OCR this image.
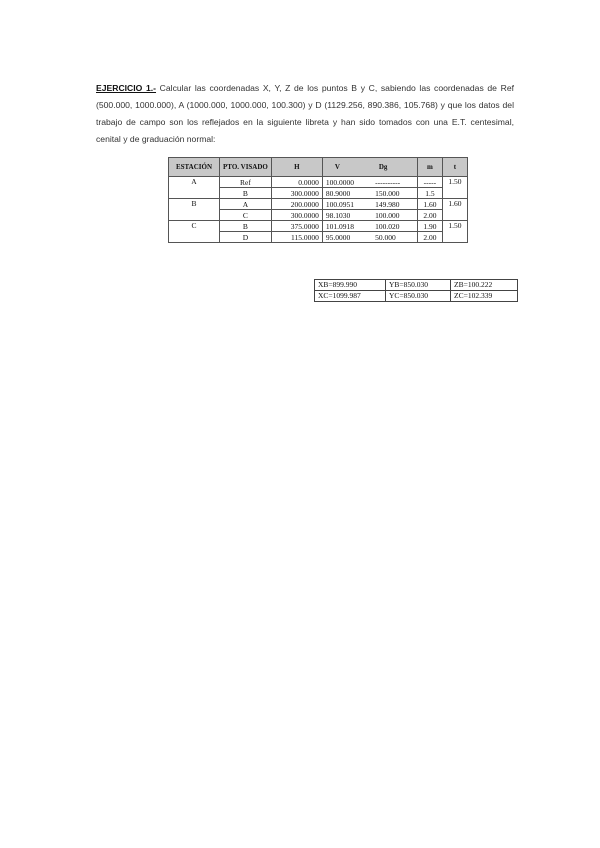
EJERCICIO 1.- Calcular las coordenadas X, Y, Z de los puntos B y C, sabiendo las coordenadas de Ref (500.000, 1000.000), A (1000.000, 1000.000, 100.300) y D (1129.256, 890.386, 105.768) y que los datos del trabajo de campo son los reflejados en la siguiente libreta y han sido tomados con una E.T. centesimal, cenital y de graduación normal:
ESTACIÓN	PTO. VISADO	H	V Dg		m	t
A	Ref	0.0000	100.0000	----------	-----	1.50
	B	300.0000	80.9000	150.000	1.5	
B	A	200.0000	100.0951	149.980	1.60	1.60
	C	300.0000	98.1030	100.000	2.00	
C	B	375.0000	101.0918	100.020	1.90	1.50
	D	115.0000	95.0000	50.000	2.00	
XB=899.990	YB=850.030	ZB=100.222
XC=1099.987	YC=850.030	ZC=102.339
